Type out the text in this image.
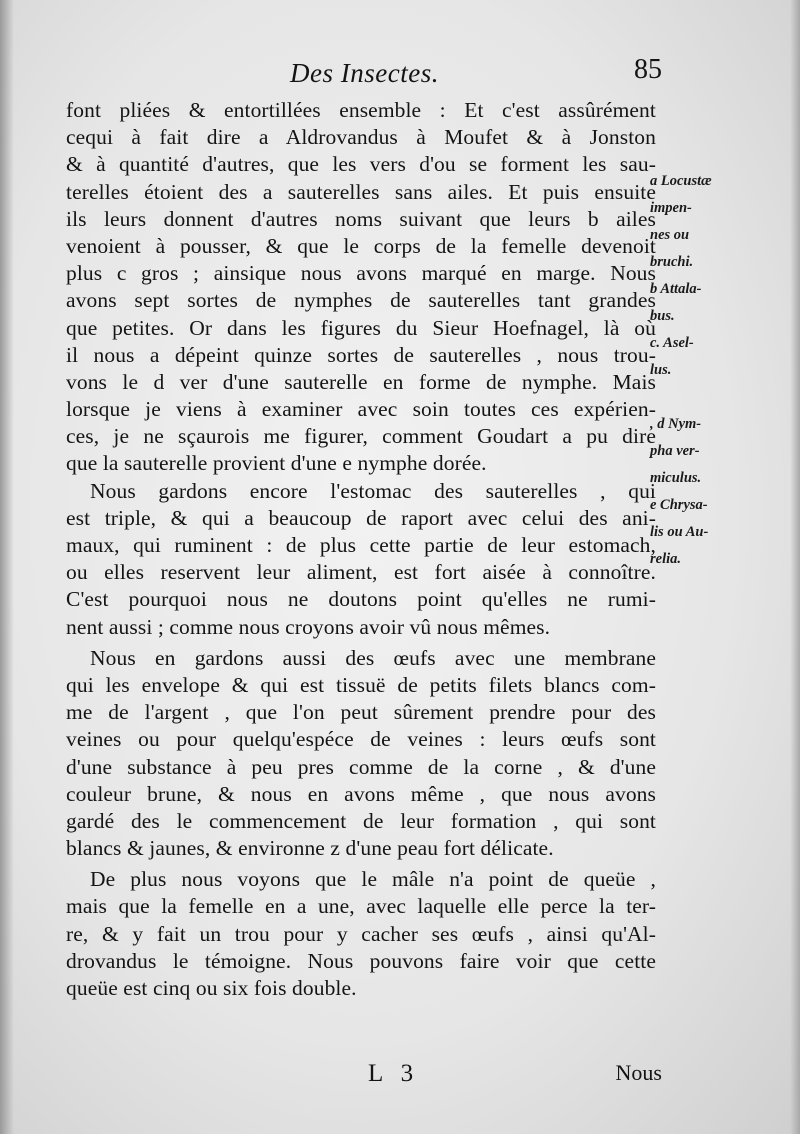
Des Insectes.	85
font pliées & entortillées ensemble : Et c'est assûrément
cequi à fait dire a Aldrovandus à Moufet & à Jonston
& à quantité d'autres, que les vers d'ou se forment les sau-
terelles étoient des a sauterelles sans ailes. Et puis ensuite
ils leurs donnent d'autres noms suivant que leurs b ailes
venoient à pousser, & que le corps de la femelle devenoit
plus c gros ; ainsique nous avons marqué en marge. Nous
avons sept sortes de nymphes de sauterelles tant grandes
que petites. Or dans les figures du Sieur Hoefnagel, là où
il nous a dépeint quinze sortes de sauterelles , nous trou-
vons le d ver d'une sauterelle en forme de nymphe. Mais
lorsque je viens à examiner avec soin toutes ces expérien-
ces, je ne sçaurois me figurer, comment Goudart a pu dire
que la sauterelle provient d'une e nymphe dorée.
Nous gardons encore l'estomac des sauterelles , qui
est triple, & qui a beaucoup de raport avec celui des ani-
maux, qui ruminent : de plus cette partie de leur estomach,
ou elles reservent leur aliment, est fort aisée à connoître.
C'est pourquoi nous ne doutons point qu'elles ne rumi-
nent aussi ; comme nous croyons avoir vû nous mêmes.
Nous en gardons aussi des œufs avec une membrane
qui les envelope & qui est tissuë de petits filets blancs com-
me de l'argent , que l'on peut sûrement prendre pour des
veines ou pour quelqu'espéce de veines : leurs œufs sont
d'une substance à peu pres comme de la corne , & d'une
couleur brune, & nous en avons même , que nous avons
gardé des le commencement de leur formation , qui sont
blancs & jaunes, & environne z d'une peau fort délicate.
De plus nous voyons que le mâle n'a point de queüe ,
mais que la femelle en a une, avec laquelle elle perce la ter-
re, & y fait un trou pour y cacher ses œufs , ainsi qu'Al-
drovandus le témoigne. Nous pouvons faire voir que cette
queüe est cinq ou six fois double.
a Locustæ
impen-
nes ou
bruchi.
b Attala-
bus.
c. Asel-
lus.
, d Nym-
pha ver-
miculus.
e Chrysa-
lis ou Au-
relia.
L 3	Nous
